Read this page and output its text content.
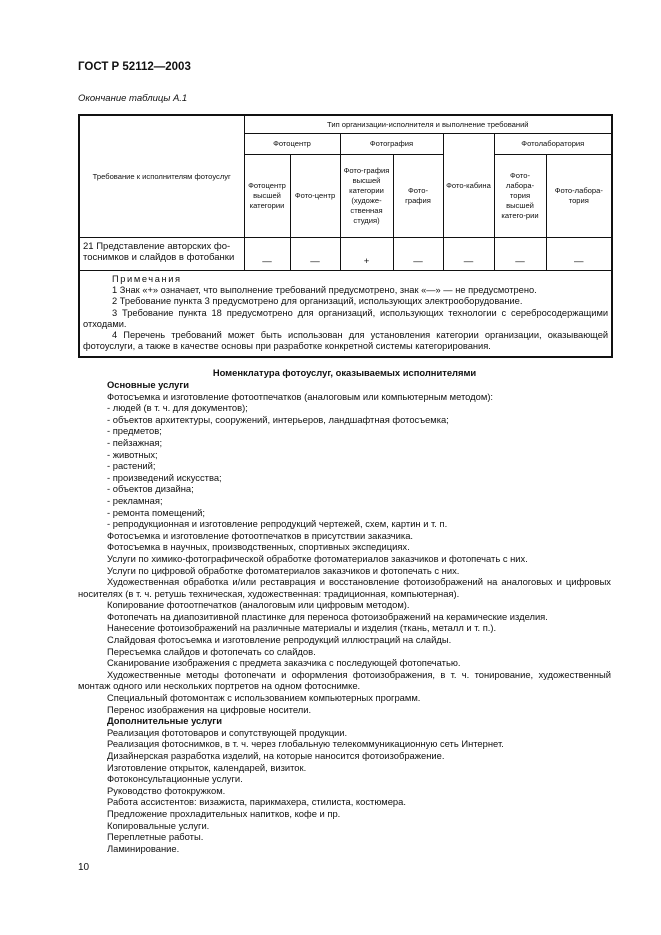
ГОСТ Р 52112—2003
Окончание таблицы А.1
Требование к исполнителям фотоуслуг	Тип организации-исполнителя и выполнение требований						
	Фотоцентр		Фотография		Фото-кабина	Фотолаборатория	
	Фотоцентр высшей категории	Фото-центр	Фото-графия высшей категории (художе-ственная студия)	Фото-графия		Фото-лабора-тория высшей катего-рии	Фото-лабора-тория
21 Представление авторских фо-тоснимков и слайдов в фотобанки	—	—	+	—	—	—	—

Примечания
1 Знак «+» означает, что выполнение требований предусмотрено, знак «—» — не предусмотрено.
2 Требование пункта 3 предусмотрено для организаций, использующих электрооборудование.
3 Требование пункта 18 предусмотрено для организаций, использующих технологии с серебросодержащими отходами.
4 Перечень требований может быть использован для установления категории организации, оказывающей фотоуслуги, а также в качестве основы при разработке конкретной системы категорирования.							
Номенклатура фотоуслуг, оказываемых исполнителями
Основные услуги
Фотосъемка и изготовление фотоотпечатков (аналоговым или компьютерным методом):
- людей (в т. ч. для документов);
- объектов архитектуры, сооружений, интерьеров, ландшафтная фотосъемка;
- предметов;
- пейзажная;
- животных;
- растений;
- произведений искусства;
- объектов дизайна;
- рекламная;
- ремонта помещений;
- репродукционная и изготовление репродукций чертежей, схем, картин и т. п.
Фотосъемка и изготовление фотоотпечатков в присутствии заказчика.
Фотосъемка в научных, производственных, спортивных экспедициях.
Услуги по химико-фотографической обработке фотоматериалов заказчиков и фотопечать с них.
Услуги по цифровой обработке фотоматериалов заказчиков и фотопечать с них.
Художественная обработка и/или реставрация и восстановление фотоизображений на аналоговых и цифровых носителях (в т. ч. ретушь техническая, художественная: традиционная, компьютерная).
Копирование фотоотпечатков (аналоговым или цифровым методом).
Фотопечать на диапозитивной пластинке для переноса фотоизображений на керамические изделия.
Нанесение фотоизображений на различные материалы и изделия (ткань, металл и т. п.).
Слайдовая фотосъемка и изготовление репродукций иллюстраций на слайды.
Пересъемка слайдов и фотопечать со слайдов.
Сканирование изображения с предмета заказчика с последующей фотопечатью.
Художественные методы фотопечати и оформления фотоизображения, в т. ч. тонирование, художественный монтаж одного или нескольких портретов на одном фотоснимке.
Специальный фотомонтаж с использованием компьютерных программ.
Перенос изображения на цифровые носители.
Дополнительные услуги
Реализация фототоваров и сопутствующей продукции.
Реализация фотоснимков, в т. ч. через глобальную телекоммуникационную сеть Интернет.
Дизайнерская разработка изделий, на которые наносится фотоизображение.
Изготовление открыток, календарей, визиток.
Фотоконсультационные услуги.
Руководство фотокружком.
Работа ассистентов: визажиста, парикмахера, стилиста, костюмера.
Предложение прохладительных напитков, кофе и пр.
Копировальные услуги.
Переплетные работы.
Ламинирование.
10
